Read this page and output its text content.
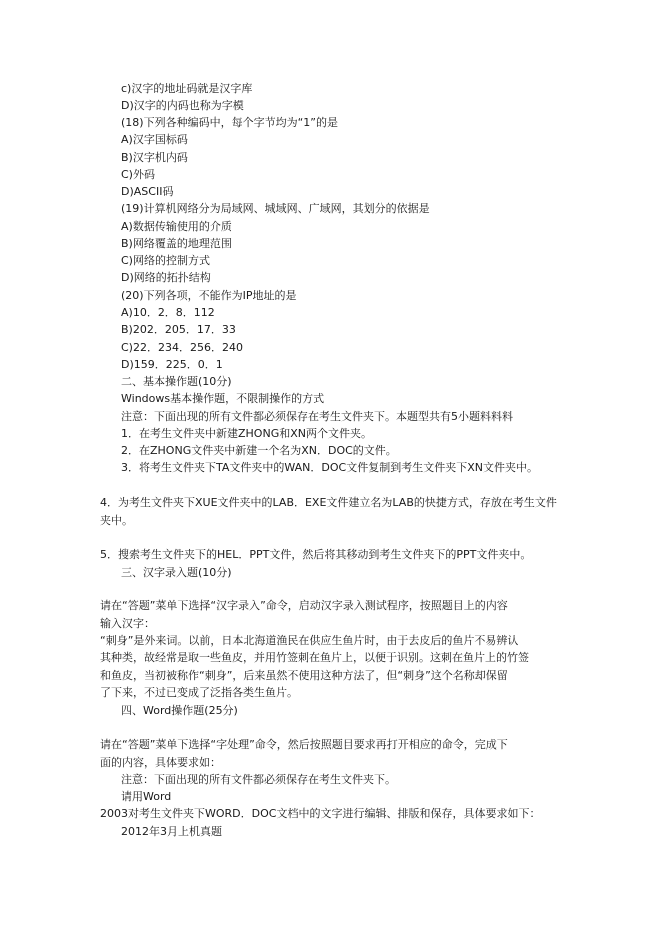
c)汉字的地址码就是汉字库
D)汉字的内码也称为字模
(18)下列各种编码中，每个字节均为“1”的是
A)汉字国标码
B)汉字机内码
C)外码
D)ASCII码
(19)计算机网络分为局域网、城域网、广域网，其划分的依据是
A)数据传输使用的介质
B)网络覆盖的地理范围
C)网络的控制方式
D)网络的拓扑结构
(20)下列各项，不能作为IP地址的是
A)10．2．8．112
B)202．205．17．33
C)22．234．256．240
D)159．225．0．1
二、基本操作题(10分)
Windows基本操作题，不限制操作的方式
注意：下面出现的所有文件都必须保存在考生文件夹下。本题型共有5小题料料料
1．在考生文件夹中新建ZHONG和XN两个文件夹。
2．在ZHONG文件夹中新建一个名为XN．DOC的文件。
3．将考生文件夹下TA文件夹中的WAN．DOC文件复制到考生文件夹下XN文件夹中。
4．为考生文件夹下XUE文件夹中的LAB．EXE文件建立名为LAB的快捷方式，存放在考生文件
夹中。
5．搜索考生文件夹下的HEL．PPT文件，然后将其移动到考生文件夹下的PPT文件夹中。
三、汉字录入题(10分)
请在“答题”菜单下选择“汉字录入”命令，启动汉字录入测试程序，按照题目上的内容
输入汉字：
“刺身”是外来词。以前，日本北海道渔民在供应生鱼片时，由于去皮后的鱼片不易辨认
其种类，故经常是取一些鱼皮，并用竹签刺在鱼片上，以便于识别。这刺在鱼片上的竹签
和鱼皮，当初被称作“刺身”，后来虽然不使用这种方法了，但“刺身”这个名称却保留
了下来，不过已变成了泛指各类生鱼片。
四、Word操作题(25分)
请在“答题”菜单下选择“字处理”命令，然后按照题目要求再打开相应的命令，完成下
面的内容，具体要求如：
注意：下面出现的所有文件都必须保存在考生文件夹下。
请用Word
2003对考生文件夹下WORD．DOC文档中的文字进行编辑、排版和保存，具体要求如下：
2012年3月上机真题
